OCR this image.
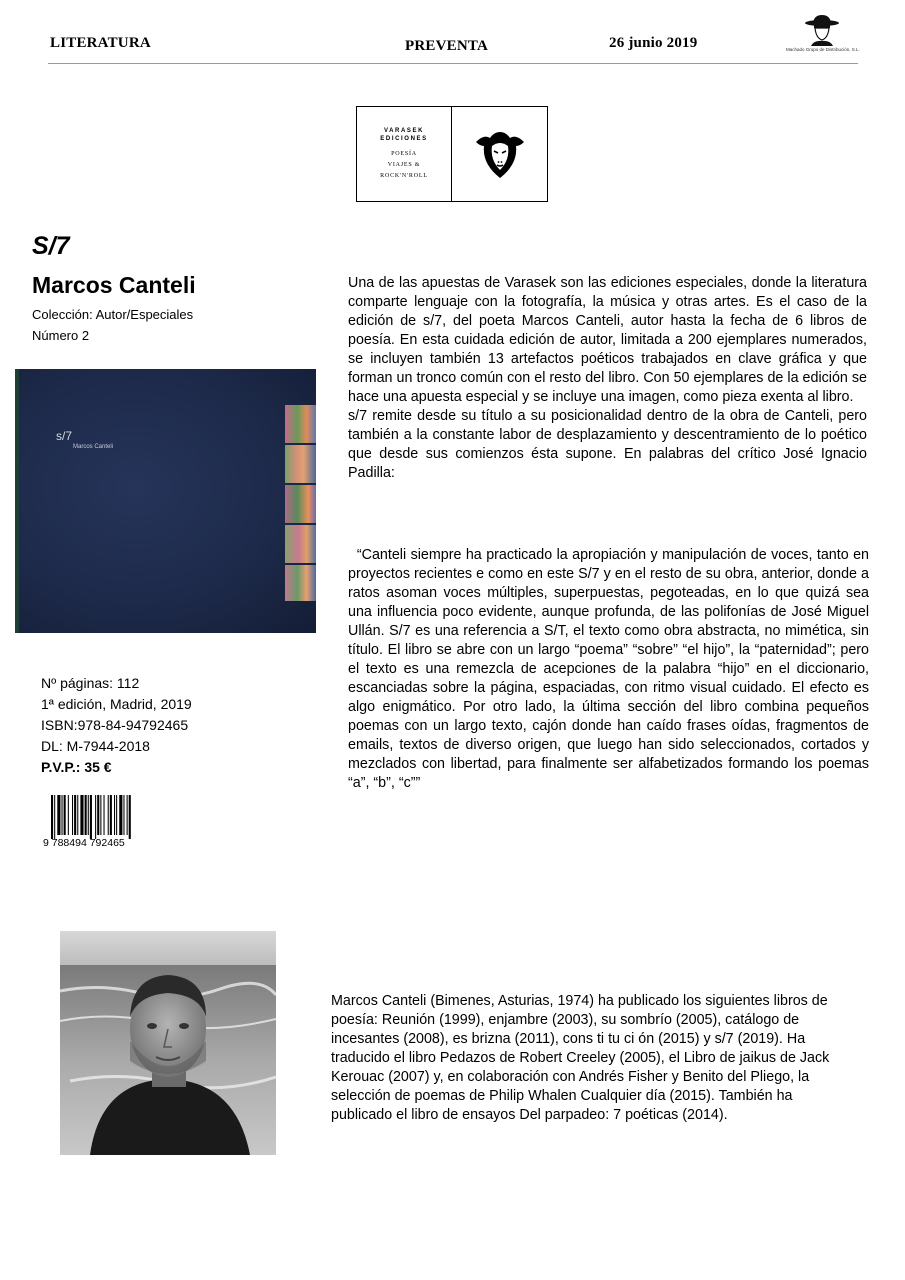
LITERATURA	PREVENTA	26 junio 2019	Machado Grupo de Distribución, S.L.
VARASEK
EDICIONES
POESÍA
VIAJES &
ROCK'N'ROLL
S/7
Marcos Canteli
Colección: Autor/Especiales
Número 2
s/7
Marcos Canteli
Nº páginas: 112
1ª edición, Madrid, 2019
ISBN:978-84-94792465
DL: M-7944-2018
P.V.P.: 35 €
9 788494 792465

Una de las apuestas de Varasek son las ediciones especiales, donde la literatura comparte lenguaje con la fotografía, la música y otras artes. Es el caso de la edición de s/7, del poeta Marcos Canteli, autor hasta la fecha de 6 libros de poesía. En esta cuidada edición de autor, limitada a 200 ejemplares numerados, se incluyen también 13 artefactos poéticos trabajados en clave gráfica y que forman un tronco común con el resto del libro. Con 50 ejemplares de la edición se hace una apuesta especial y se incluye una imagen, como pieza exenta al libro.

s/7 remite desde su título a su posicionalidad dentro de la obra de Canteli, pero también a la constante labor de desplazamiento y descentramiento de lo poético que desde sus comienzos ésta supone. En palabras del crítico José Ignacio Padilla:

“Canteli siempre ha practicado la apropiación y manipulación de voces, tanto en proyectos recientes e como en este S/7 y en el resto de su obra, anterior, donde a ratos asoman voces múltiples, superpuestas, pegoteadas, en lo que quizá sea una influencia poco evidente, aunque profunda, de las polifonías de José Miguel Ullán. S/7 es una referencia a S/T, el texto como obra abstracta, no mimética, sin título. El libro se abre con un largo “poema” “sobre” “el hijo”, la “paternidad”; pero el texto es una remezcla de acepciones de la palabra “hijo” en el diccionario, escanciadas sobre la página, espaciadas, con ritmo visual cuidado. El efecto es algo enigmático. Por otro lado, la última sección del libro combina pequeños poemas con un largo texto, cajón donde han caído frases oídas, fragmentos de emails, textos de diverso origen, que luego han sido seleccionados, cortados y mezclados con libertad, para finalmente ser alfabetizados formando los poemas “a”, “b”, “c””
Marcos Canteli (Bimenes, Asturias, 1974) ha publicado los siguientes libros de poesía: Reunión (1999), enjambre (2003), su sombrío (2005), catálogo de incesantes (2008), es brizna (2011), cons ti tu ci ón (2015) y s/7 (2019). Ha traducido el libro Pedazos de Robert Creeley (2005), el Libro de jaikus de Jack Kerouac (2007) y, en colaboración con Andrés Fisher y Benito del Pliego, la selección de poemas de Philip Whalen Cualquier día (2015). También ha publicado el libro de ensayos Del parpadeo: 7 poéticas (2014).
